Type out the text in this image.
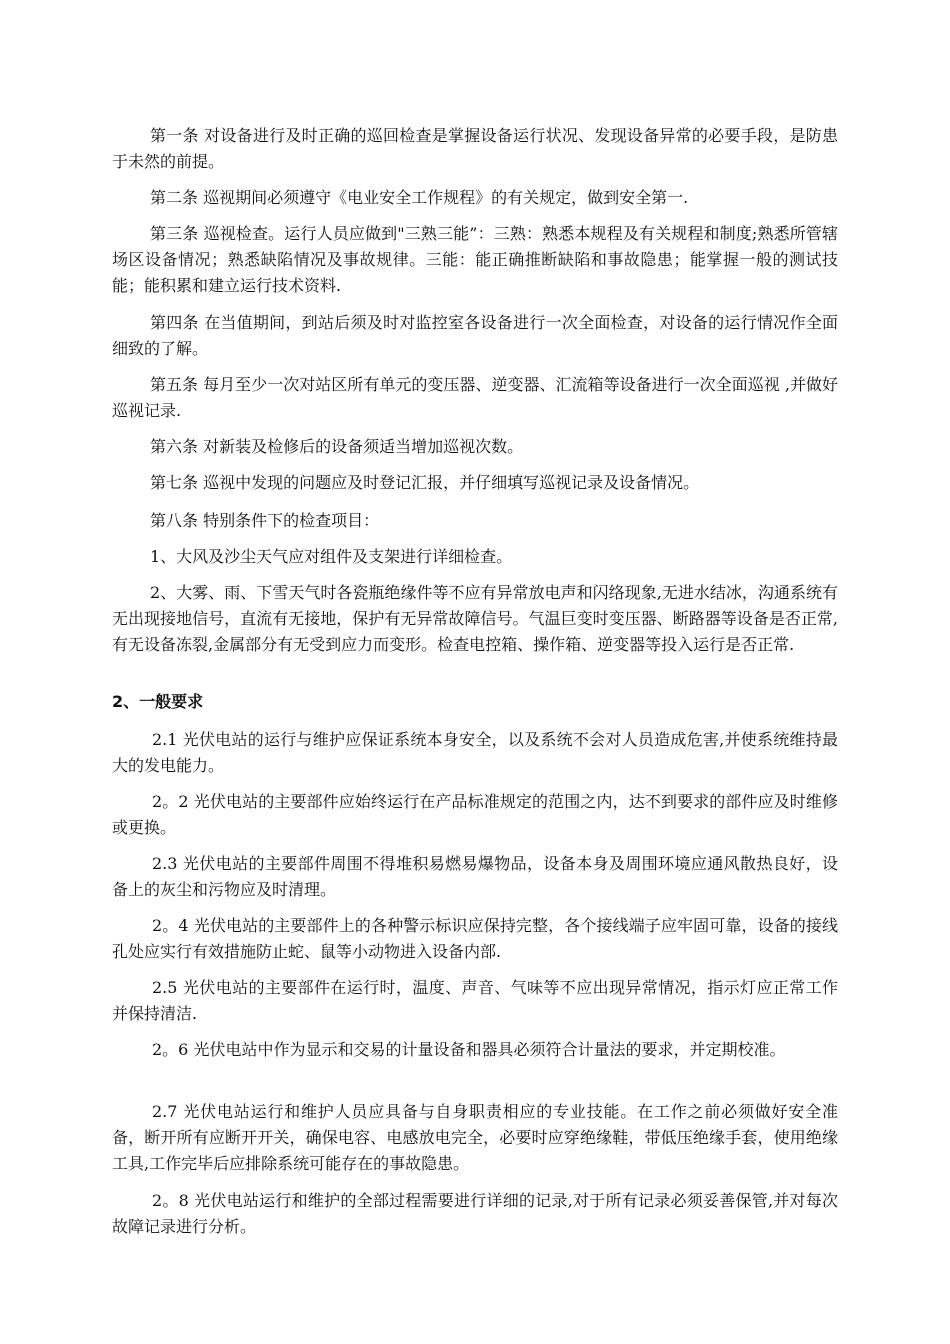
第一条 对设备进行及时正确的巡回检查是掌握设备运行状况、发现设备异常的必要手段，是防患于未然的前提。

第二条 巡视期间必须遵守《电业安全工作规程》的有关规定，做到安全第一.

第三条 巡视检查。运行人员应做到"三熟三能”：三熟：熟悉本规程及有关规程和制度;熟悉所管辖场区设备情况；熟悉缺陷情况及事故规律。三能：能正确推断缺陷和事故隐患；能掌握一般的测试技能；能积累和建立运行技术资料.

第四条 在当值期间，到站后须及时对监控室各设备进行一次全面检查，对设备的运行情况作全面细致的了解。

第五条 每月至少一次对站区所有单元的变压器、逆变器、汇流箱等设备进行一次全面巡视 ,并做好巡视记录.

第六条 对新装及检修后的设备须适当增加巡视次数。

第七条 巡视中发现的问题应及时登记汇报，并仔细填写巡视记录及设备情况。

第八条 特别条件下的检查项目：

1、大风及沙尘天气应对组件及支架进行详细检查。

2、大雾、雨、下雪天气时各瓷瓶绝缘件等不应有异常放电声和闪络现象,无进水结冰，沟通系统有无出现接地信号，直流有无接地，保护有无异常故障信号。气温巨变时变压器、断路器等设备是否正常,有无设备冻裂,金属部分有无受到应力而变形。检查电控箱、操作箱、逆变器等投入运行是否正常.

2、一般要求

2.1 光伏电站的运行与维护应保证系统本身安全，以及系统不会对人员造成危害,并使系统维持最大的发电能力。

2。2 光伏电站的主要部件应始终运行在产品标准规定的范围之内，达不到要求的部件应及时维修或更换。

2.3 光伏电站的主要部件周围不得堆积易燃易爆物品，设备本身及周围环境应通风散热良好，设备上的灰尘和污物应及时清理。

2。4 光伏电站的主要部件上的各种警示标识应保持完整，各个接线端子应牢固可靠，设备的接线孔处应实行有效措施防止蛇、鼠等小动物进入设备内部.

2.5 光伏电站的主要部件在运行时，温度、声音、气味等不应出现异常情况，指示灯应正常工作并保持清洁.

2。6 光伏电站中作为显示和交易的计量设备和器具必须符合计量法的要求，并定期校准。

2.7 光伏电站运行和维护人员应具备与自身职责相应的专业技能。在工作之前必须做好安全准备，断开所有应断开开关，确保电容、电感放电完全，必要时应穿绝缘鞋，带低压绝缘手套，使用绝缘工具,工作完毕后应排除系统可能存在的事故隐患。

2。8 光伏电站运行和维护的全部过程需要进行详细的记录,对于所有记录必须妥善保管,并对每次故障记录进行分析。
